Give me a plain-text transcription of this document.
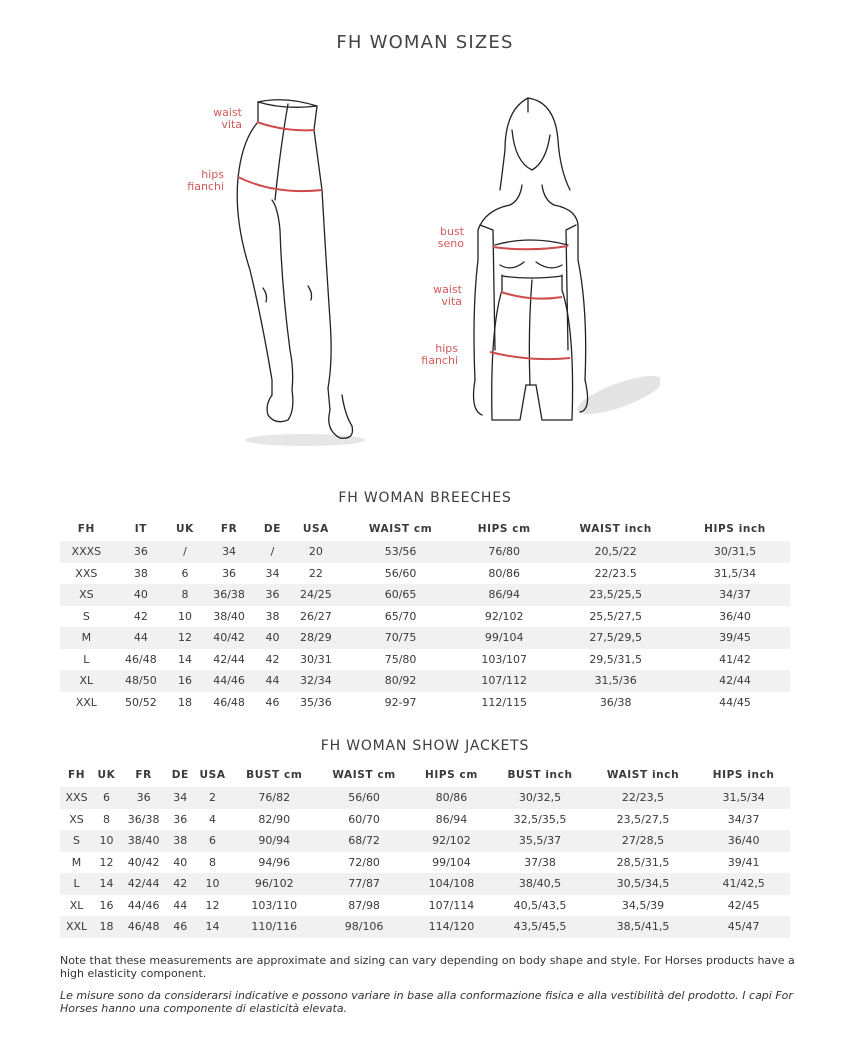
FH WOMAN SIZES
waist
vita
hips
fianchi
bust
seno
waist
vita
hips
fianchi
FH WOMAN BREECHES
FH	IT	UK	FR	DE	USA	WAIST cm	HIPS cm	WAIST inch	HIPS inch
XXXS	36	/	34	/	20	53/56	76/80	20,5/22	30/31,5
XXS	38	6	36	34	22	56/60	80/86	22/23.5	31,5/34
XS	40	8	36/38	36	24/25	60/65	86/94	23,5/25,5	34/37
S	42	10	38/40	38	26/27	65/70	92/102	25,5/27,5	36/40
M	44	12	40/42	40	28/29	70/75	99/104	27,5/29,5	39/45
L	46/48	14	42/44	42	30/31	75/80	103/107	29,5/31,5	41/42
XL	48/50	16	44/46	44	32/34	80/92	107/112	31,5/36	42/44
XXL	50/52	18	46/48	46	35/36	92-97	112/115	36/38	44/45
FH WOMAN SHOW JACKETS
FH	UK	FR	DE	USA	BUST cm	WAIST cm	HIPS cm	BUST inch	WAIST inch	HIPS inch
XXS	6	36	34	2	76/82	56/60	80/86	30/32,5	22/23,5	31,5/34
XS	8	36/38	36	4	82/90	60/70	86/94	32,5/35,5	23,5/27,5	34/37
S	10	38/40	38	6	90/94	68/72	92/102	35,5/37	27/28,5	36/40
M	12	40/42	40	8	94/96	72/80	99/104	37/38	28,5/31,5	39/41
L	14	42/44	42	10	96/102	77/87	104/108	38/40,5	30,5/34,5	41/42,5
XL	16	44/46	44	12	103/110	87/98	107/114	40,5/43,5	34,5/39	42/45
XXL	18	46/48	46	14	110/116	98/106	114/120	43,5/45,5	38,5/41,5	45/47

Note that these measurements are approximate and sizing can vary depending on body shape and style. For Horses products have a high elasticity component.

Le misure sono da considerarsi indicative e possono variare in base alla conformazione fisica e alla vestibilità del prodotto. I capi For Horses hanno una componente di elasticità elevata.
